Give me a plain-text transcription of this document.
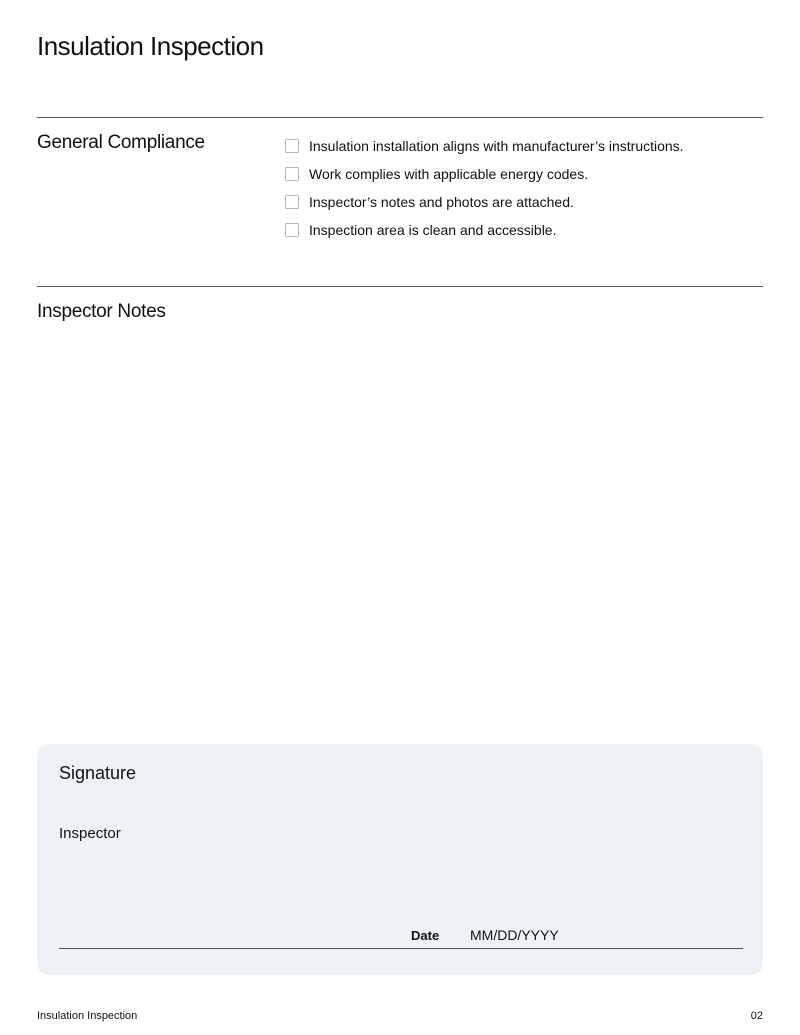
Insulation Inspection
General Compliance	Insulation installation aligns with manufacturer’s instructions.
Work complies with applicable energy codes.
Inspector’s notes and photos are attached.
Inspection area is clean and accessible.
Inspector Notes
Signature
Inspector
Date MM/DD/YYYY
Insulation Inspection	02
